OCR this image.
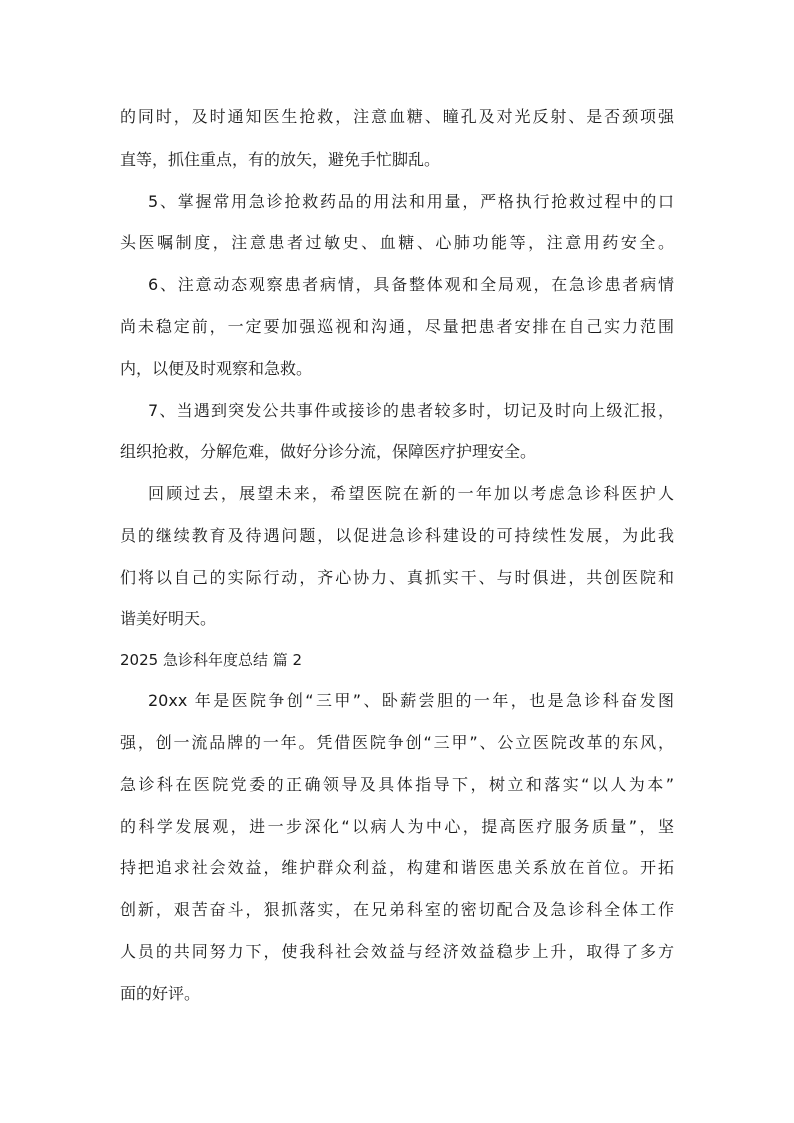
的同时，及时通知医生抢救，注意血糖、瞳孔及对光反射、是否颈项强
直等，抓住重点，有的放矢，避免手忙脚乱。
5、掌握常用急诊抢救药品的用法和用量，严格执行抢救过程中的口
头医嘱制度，注意患者过敏史、血糖、心肺功能等，注意用药安全。
6、注意动态观察患者病情，具备整体观和全局观，在急诊患者病情
尚未稳定前，一定要加强巡视和沟通，尽量把患者安排在自己实力范围
内，以便及时观察和急救。
7、当遇到突发公共事件或接诊的患者较多时，切记及时向上级汇报，
组织抢救，分解危难，做好分诊分流，保障医疗护理安全。
回顾过去，展望未来，希望医院在新的一年加以考虑急诊科医护人
员的继续教育及待遇问题，以促进急诊科建设的可持续性发展，为此我
们将以自己的实际行动，齐心协力、真抓实干、与时俱进，共创医院和
谐美好明天。
2025 急诊科年度总结 篇 2
20xx 年是医院争创“三甲”、卧薪尝胆的一年，也是急诊科奋发图
强，创一流品牌的一年。凭借医院争创“三甲”、公立医院改革的东风，
急诊科在医院党委的正确领导及具体指导下，树立和落实“以人为本”
的科学发展观，进一步深化“以病人为中心，提高医疗服务质量”，坚
持把追求社会效益，维护群众利益，构建和谐医患关系放在首位。开拓
创新，艰苦奋斗，狠抓落实，在兄弟科室的密切配合及急诊科全体工作
人员的共同努力下，使我科社会效益与经济效益稳步上升，取得了多方
面的好评。
